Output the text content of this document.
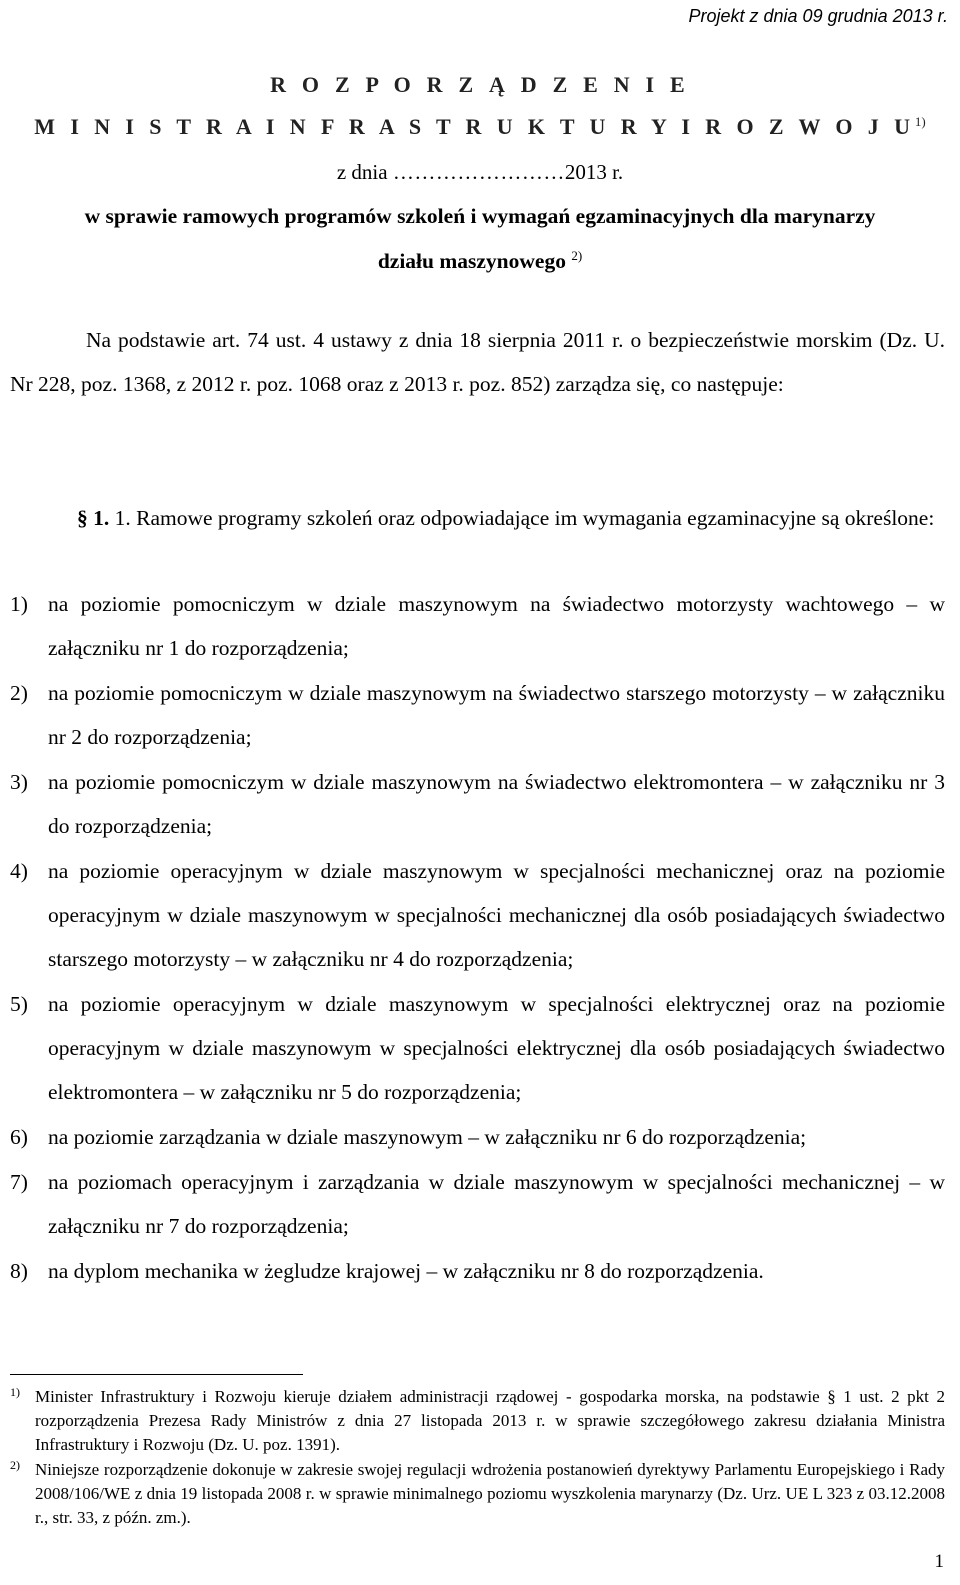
Projekt z dnia 09 grudnia 2013 r.
R O Z P O R Z Ą D Z E N I E
M I N I S T R A I N F R A S T R U K T U R Y I R O Z W O J $U^{1)}$
z dnia ……………………2013 r.
w sprawie ramowych programów szkoleń i wymagań egzaminacyjnych dla marynarzy
działu maszynowego $^{2)}$
Na podstawie art. 74 ust. 4 ustawy z dnia 18 sierpnia 2011 r. o bezpieczeństwie morskim (Dz. U. Nr 228, poz. 1368, z 2012 r. poz. 1068 oraz z 2013 r. poz. 852) zarządza się, co następuje:
§ 1. 1. Ramowe programy szkoleń oraz odpowiadające im wymagania egzaminacyjne są określone:
1) na poziomie pomocniczym w dziale maszynowym na świadectwo motorzysty wachtowego – w załączniku nr 1 do rozporządzenia;
2) na poziomie pomocniczym w dziale maszynowym na świadectwo starszego motorzysty – w załączniku nr 2 do rozporządzenia;
3) na poziomie pomocniczym w dziale maszynowym na świadectwo elektromontera – w załączniku nr 3 do rozporządzenia;
4) na poziomie operacyjnym w dziale maszynowym w specjalności mechanicznej oraz na poziomie operacyjnym w dziale maszynowym w specjalności mechanicznej dla osób posiadających świadectwo starszego motorzysty – w załączniku nr 4 do rozporządzenia;
5) na poziomie operacyjnym w dziale maszynowym w specjalności elektrycznej oraz na poziomie operacyjnym w dziale maszynowym w specjalności elektrycznej dla osób posiadających świadectwo elektromontera – w załączniku nr 5 do rozporządzenia;
6) na poziomie zarządzania w dziale maszynowym – w załączniku nr 6 do rozporządzenia;
7) na poziomach operacyjnym i zarządzania w dziale maszynowym w specjalności mechanicznej – w załączniku nr 7 do rozporządzenia;
8) na dyplom mechanika w żegludze krajowej – w załączniku nr 8 do rozporządzenia.
1) Minister Infrastruktury i Rozwoju kieruje działem administracji rządowej - gospodarka morska, na podstawie § 1 ust. 2 pkt 2 rozporządzenia Prezesa Rady Ministrów z dnia 27 listopada 2013 r. w sprawie szczegółowego zakresu działania Ministra Infrastruktury i Rozwoju (Dz. U. poz. 1391).
2) Niniejsze rozporządzenie dokonuje w zakresie swojej regulacji wdrożenia postanowień dyrektywy Parlamentu Europejskiego i Rady 2008/106/WE z dnia 19 listopada 2008 r. w sprawie minimalnego poziomu wyszkolenia marynarzy (Dz. Urz. UE L 323 z 03.12.2008 r., str. 33, z późn. zm.).
1
